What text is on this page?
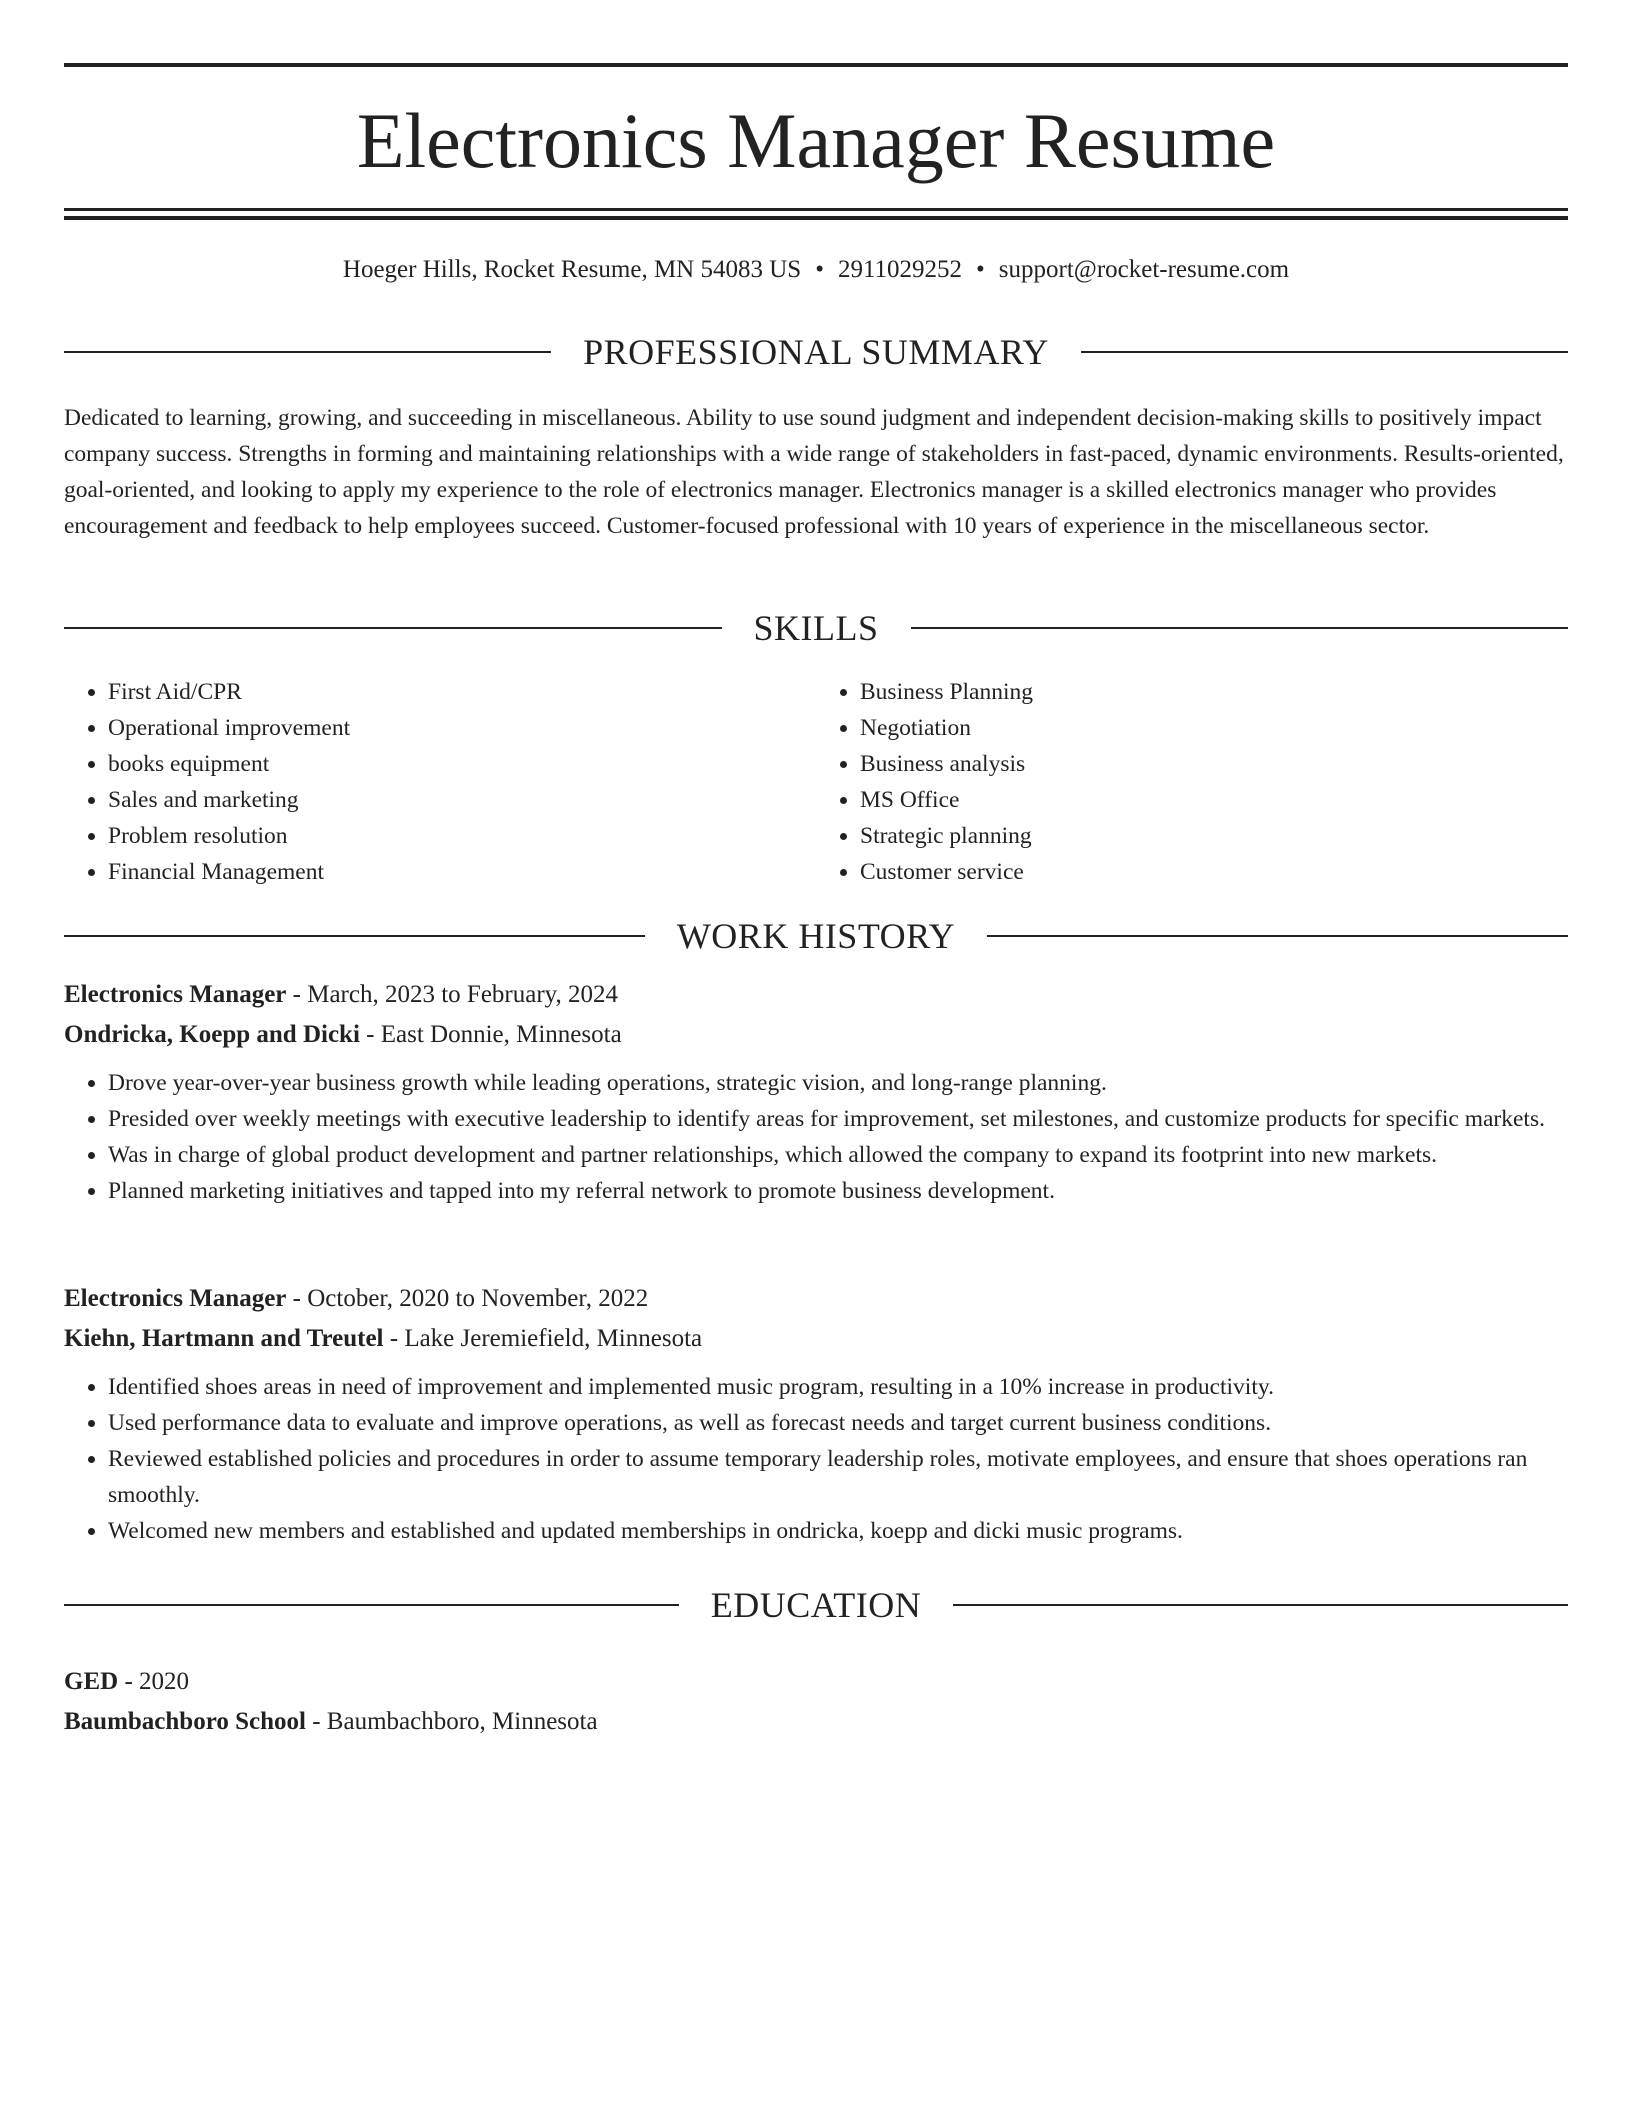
Electronics Manager Resume
Hoeger Hills, Rocket Resume, MN 54083 US • 2911029252 • support@rocket-resume.com
PROFESSIONAL SUMMARY

Dedicated to learning, growing, and succeeding in miscellaneous. Ability to use sound judgment and independent decision-making skills to positively impact company success. Strengths in forming and maintaining relationships with a wide range of stakeholders in fast-paced, dynamic environments. Results-oriented, goal-oriented, and looking to apply my experience to the role of electronics manager. Electronics manager is a skilled electronics manager who provides encouragement and feedback to help employees succeed. Customer-focused professional with 10 years of experience in the miscellaneous sector.

SKILLS
• First Aid/CPR
• Operational improvement
• books equipment
• Sales and marketing
• Problem resolution
• Financial Management
• Business Planning
• Negotiation
• Business analysis
• MS Office
• Strategic planning
• Customer service
WORK HISTORY
Electronics Manager - March, 2023 to February, 2024
Ondricka, Koepp and Dicki - East Donnie, Minnesota
• Drove year-over-year business growth while leading operations, strategic vision, and long-range planning.
• Presided over weekly meetings with executive leadership to identify areas for improvement, set milestones, and customize products for specific markets.
• Was in charge of global product development and partner relationships, which allowed the company to expand its footprint into new markets.
• Planned marketing initiatives and tapped into my referral network to promote business development.
Electronics Manager - October, 2020 to November, 2022
Kiehn, Hartmann and Treutel - Lake Jeremiefield, Minnesota
• Identified shoes areas in need of improvement and implemented music program, resulting in a 10% increase in productivity.
• Used performance data to evaluate and improve operations, as well as forecast needs and target current business conditions.
• Reviewed established policies and procedures in order to assume temporary leadership roles, motivate employees, and ensure that shoes operations ran smoothly.
• Welcomed new members and established and updated memberships in ondricka, koepp and dicki music programs.
EDUCATION
GED - 2020
Baumbachboro School - Baumbachboro, Minnesota
